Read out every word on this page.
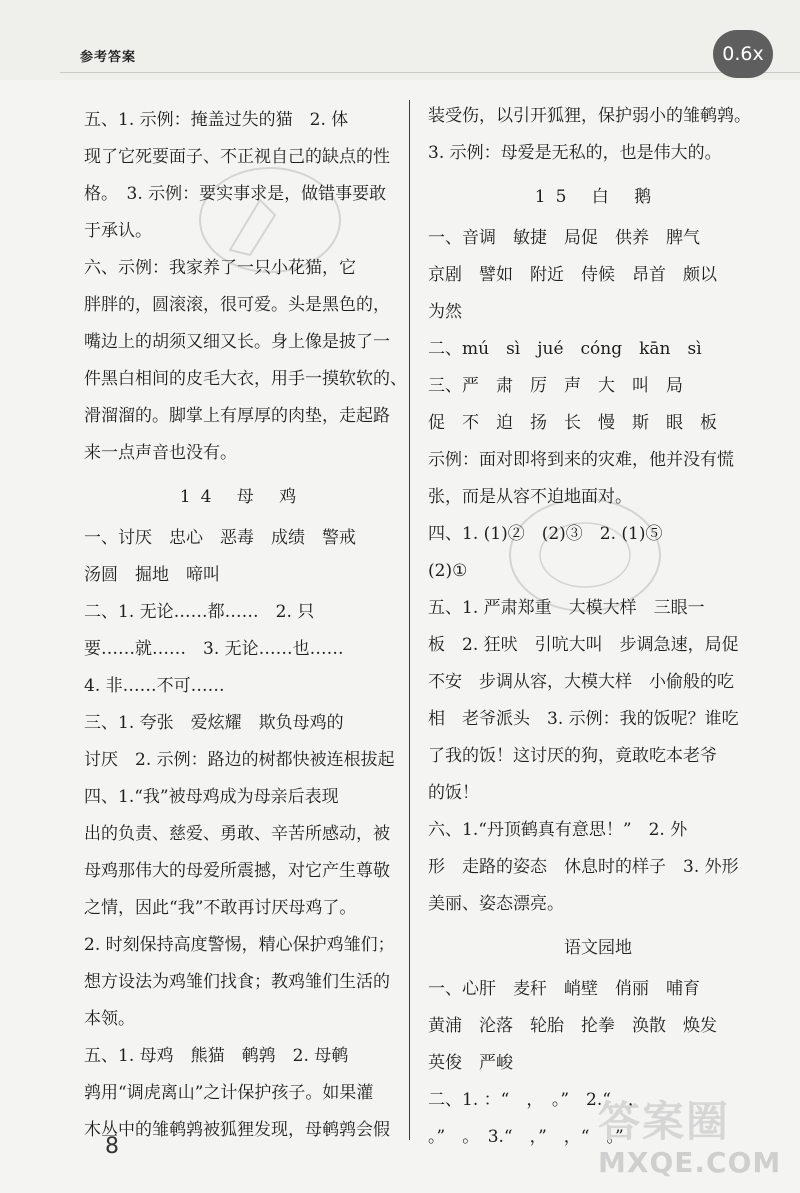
参考答案	0.6x
五、1. 示例：掩盖过失的猫　2. 体
现了它死要面子、不正视自己的缺点的性
格。　3. 示例：要实事求是，做错事要敢
于承认。
六、示例：我家养了一只小花猫，它
胖胖的，圆滚滚，很可爱。头是黑色的，
嘴边上的胡须又细又长。身上像是披了一
件黑白相间的皮毛大衣，用手一摸软软的、
滑溜溜的。脚掌上有厚厚的肉垫，走起路
来一点声音也没有。
14 母 鸡
一、讨厌　忠心　恶毒　成绩　警戒
汤圆　掘地　啼叫
二、1. 无论……都……　2. 只
要……就……　3. 无论……也……
4. 非……不可……
三、1. 夸张　爱炫耀　欺负母鸡的
讨厌　2. 示例：路边的树都快被连根拔起
四、1.“我”被母鸡成为母亲后表现
出的负责、慈爱、勇敢、辛苦所感动，被
母鸡那伟大的母爱所震撼，对它产生尊敬
之情，因此“我”不敢再讨厌母鸡了。
2. 时刻保持高度警惕，精心保护鸡雏们；
想方设法为鸡雏们找食；教鸡雏们生活的
本领。
五、1. 母鸡　熊猫　鹌鹑　2. 母鹌
鹑用“调虎离山”之计保护孩子。如果灌
木丛中的雏鹌鹑被狐狸发现，母鹌鹑会假
装受伤，以引开狐狸，保护弱小的雏鹌鹑。
3. 示例：母爱是无私的，也是伟大的。
15 白 鹅
一、音调　敏捷　局促　供养　脾气
京剧　譬如　附近　侍候　昂首　颇以
为然
二、mú　sì　jué　cóng　kān　sì
三、严　肃　厉　声　大　叫　局
促　不　迫　扬　长　慢　斯　眼　板
示例：面对即将到来的灾难，他并没有慌
张，而是从容不迫地面对。
四、1. (1)②　(2)③　2. (1)⑤
(2)①
五、1. 严肃郑重　大模大样　三眼一
板　2. 狂吠　引吭大叫　步调急速，局促
不安　步调从容，大模大样　小偷般的吃
相　老爷派头　3. 示例：我的饭呢？谁吃
了我的饭！这讨厌的狗，竟敢吃本老爷
的饭！
六、1.“丹顶鹤真有意思！”　2. 外
形　走路的姿态　休息时的样子　3. 外形
美丽、姿态漂亮。
语文园地
一、心肝　麦秆　峭壁　俏丽　哺育
黄浦　沦落　轮胎　抡拳　涣散　焕发
英俊　严峻
二、1. ：“　，　。”　2.“　，
。”　。　3.“　，”　，“　。”
8
答案圈
MXQE.COM
